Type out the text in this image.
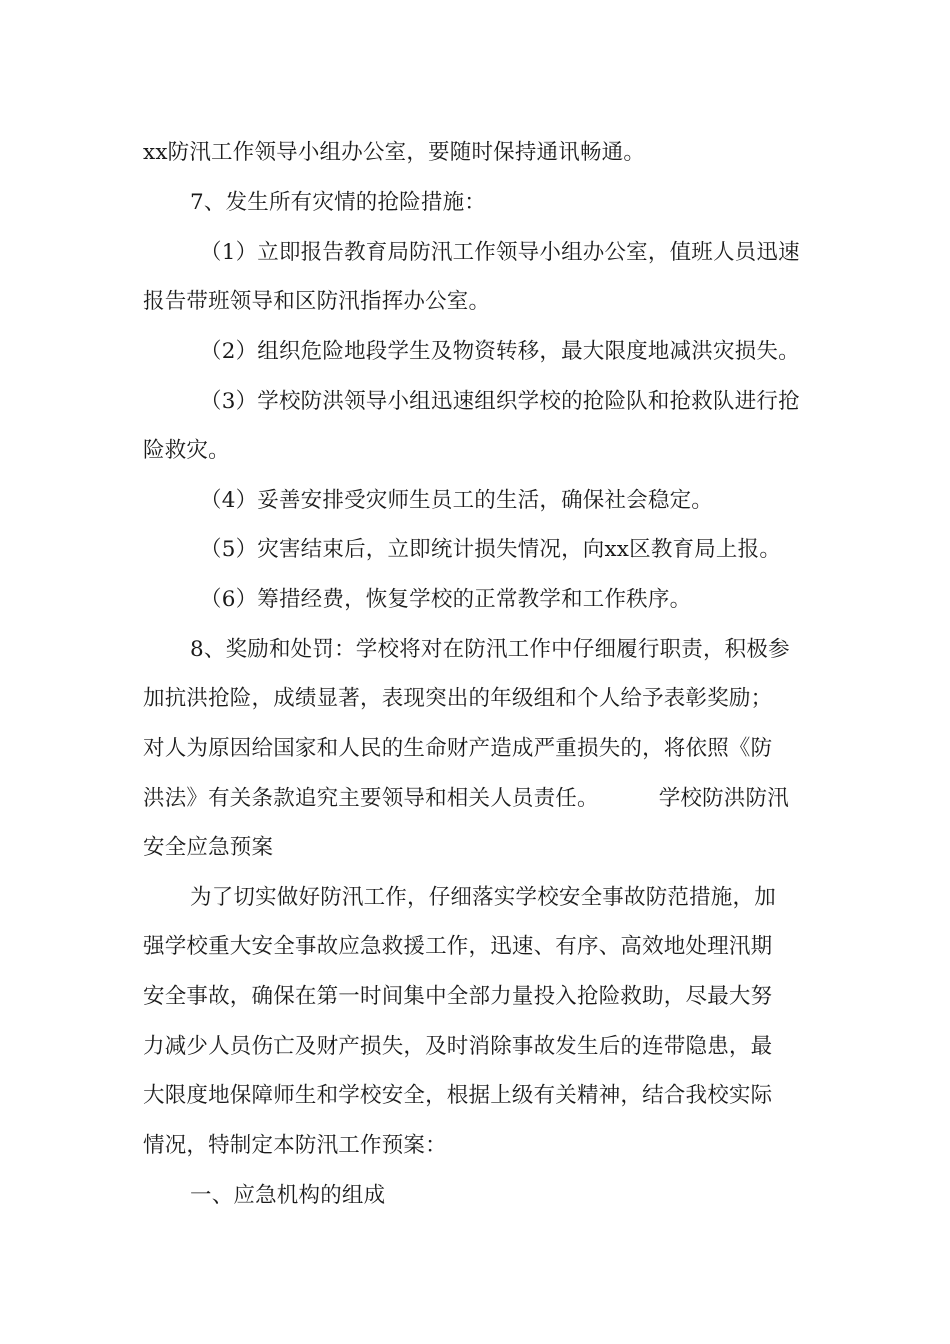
xx防汛工作领导小组办公室，要随时保持通讯畅通。
7、发生所有灾情的抢险措施：
（1）立即报告教育局防汛工作领导小组办公室，值班人员迅速
报告带班领导和区防汛指挥办公室。
（2）组织危险地段学生及物资转移，最大限度地减洪灾损失。
（3）学校防洪领导小组迅速组织学校的抢险队和抢救队进行抢
险救灾。
（4）妥善安排受灾师生员工的生活，确保社会稳定。
（5）灾害结束后，立即统计损失情况，向xx区教育局上报。
（6）筹措经费，恢复学校的正常教学和工作秩序。
8、奖励和处罚：学校将对在防汛工作中仔细履行职责，积极参
加抗洪抢险，成绩显著，表现突出的年级组和个人给予表彰奖励；
对人为原因给国家和人民的生命财产造成严重损失的，将依照《防
洪法》有关条款追究主要领导和相关人员责任。	学校防洪防汛
安全应急预案
为了切实做好防汛工作，仔细落实学校安全事故防范措施，加
强学校重大安全事故应急救援工作，迅速、有序、高效地处理汛期
安全事故，确保在第一时间集中全部力量投入抢险救助，尽最大努
力减少人员伤亡及财产损失，及时消除事故发生后的连带隐患，最
大限度地保障师生和学校安全，根据上级有关精神，结合我校实际
情况，特制定本防汛工作预案：
一、应急机构的组成
